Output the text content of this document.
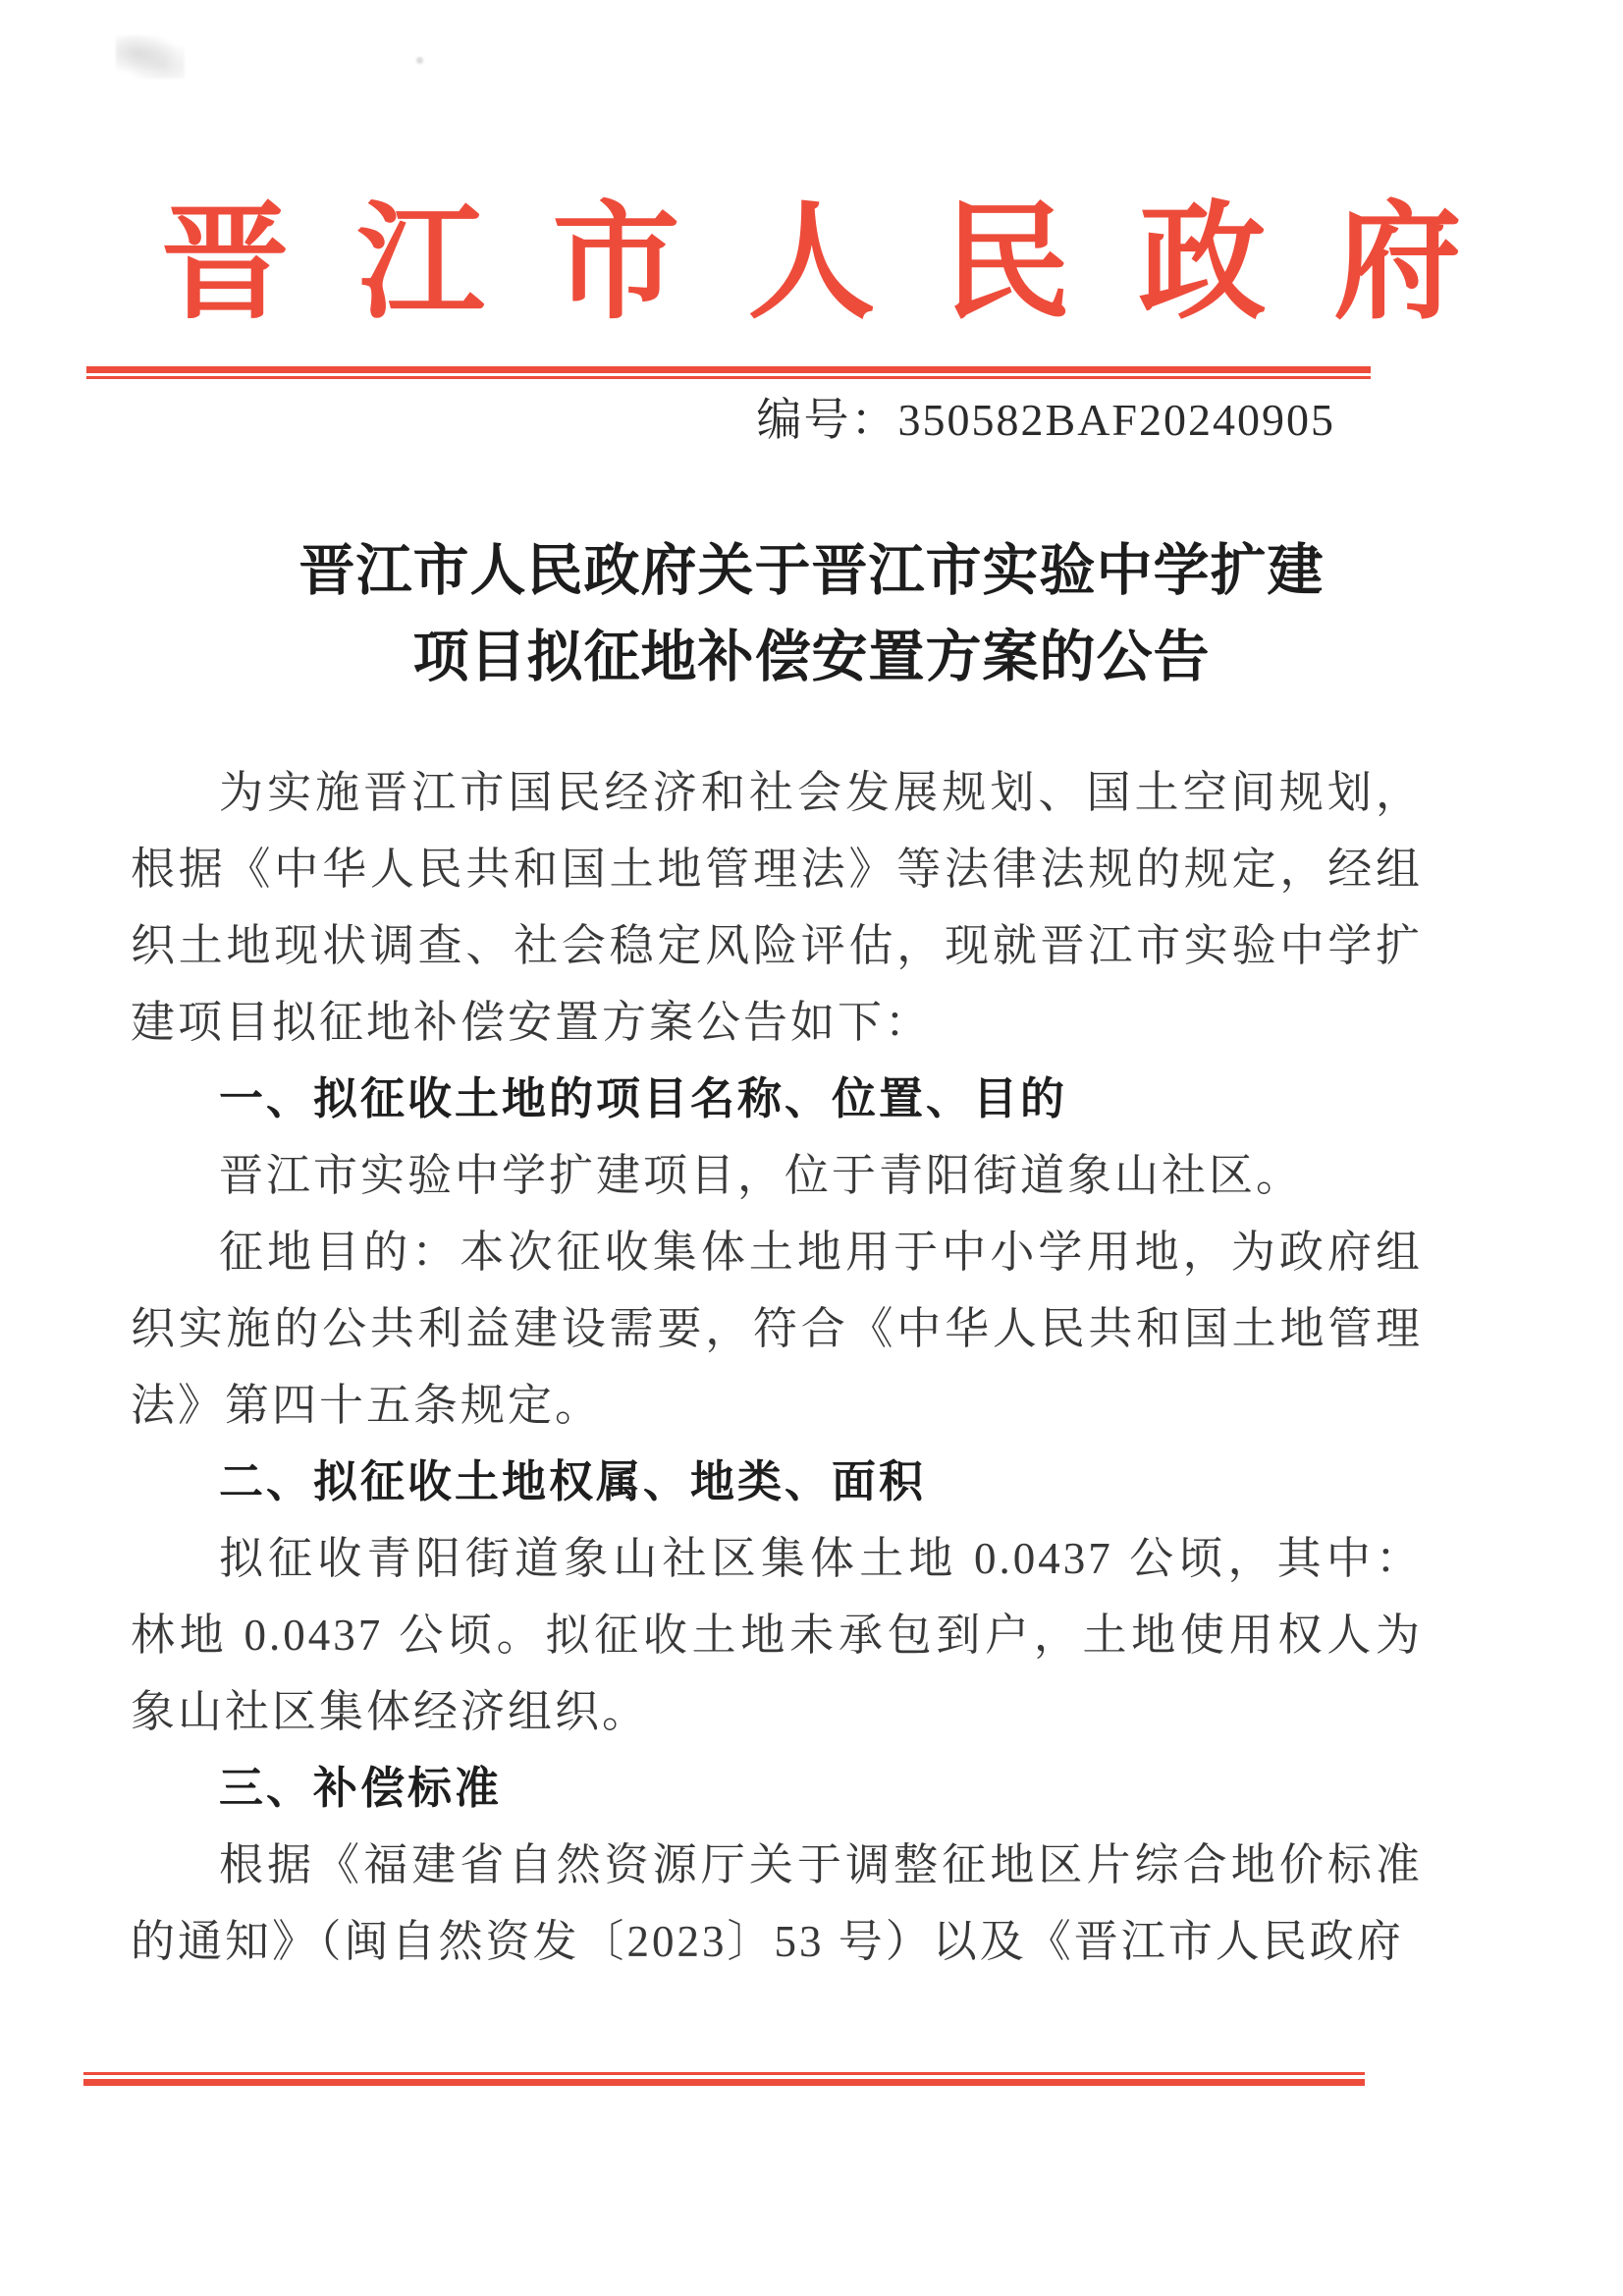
晋江市人民政府
编号：350582BAF20240905
晋江市人民政府关于晋江市实验中学扩建
项目拟征地补偿安置方案的公告

为实施晋江市国民经济和社会发展规划、国土空间规划，根据《中华人民共和国土地管理法》等法律法规的规定，经组织土地现状调查、社会稳定风险评估，现就晋江市实验中学扩建项目拟征地补偿安置方案公告如下：

一、拟征收土地的项目名称、位置、目的

晋江市实验中学扩建项目，位于青阳街道象山社区。

征地目的：本次征收集体土地用于中小学用地，为政府组织实施的公共利益建设需要，符合《中华人民共和国土地管理法》第四十五条规定。

二、拟征收土地权属、地类、面积

拟征收青阳街道象山社区集体土地 0.0437 公顷，其中：林地 0.0437 公顷。拟征收土地未承包到户，土地使用权人为象山社区集体经济组织。

三、补偿标准

根据《福建省自然资源厅关于调整征地区片综合地价标准的通知》（闽自然资发〔2023〕53 号）以及《晋江市人民政府
